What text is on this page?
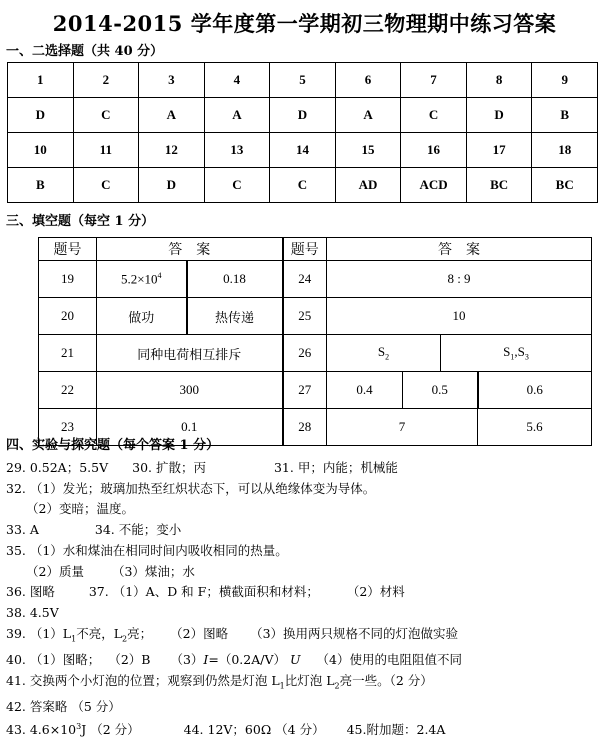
2014-2015 学年度第一学期初三物理期中练习答案
一、二选择题（共 40 分）
1	2	3	4	5	6	7	8	9
D	C	A	A	D	A	C	D	B
10	11	12	13	14	15	16	17	18
B	C	D	C	C	AD	ACD	BC	BC
三、填空题（每空 1 分）
题号	答　案		题号	答　案			
19	$5.2\times 10^4$	0.18	24	8 : 9			
20	做功	热传递	25	10			
21	同种电荷相互排斥		26	$S_2$		$S_1,S_3$
22	300		27	0.4	0.5		0.6
23	0.1		28	7			5.6
四、实验与探究题（每个答案 1 分）
29. 0.52A；5.5V 30. 扩散；丙	31. 甲；内能；机械能
32. （1）发光；玻璃加热至红炽状态下，可以从绝缘体变为导体。
（2）变暗；温度。
33. A	34. 不能；变小
35. （1）水和煤油在相同时间内吸收相同的热量。
（2）质量 （3）煤油；水
36. 图略	37. （1）A、D 和 F；横截面积和材料； （2）材料
38. 4.5V
39. $(1)L_1$不亮，$L_2$亮； （2）图略 （3）换用两只规格不同的灯泡做实验
40. （1）图略； （2）B （3）I=（0.2A/V） U （4）使用的电阻阻值不同
41. 交换两个小灯泡的位置；观察到仍然是灯泡 $L_1$比灯泡 $L_2$亮一些。（2 分）
42. 答案略 （5 分）
43. $4.6\times 10^3J$ （2 分）	44. 12V；60Ω （4 分） 45.附加题：2.4A
